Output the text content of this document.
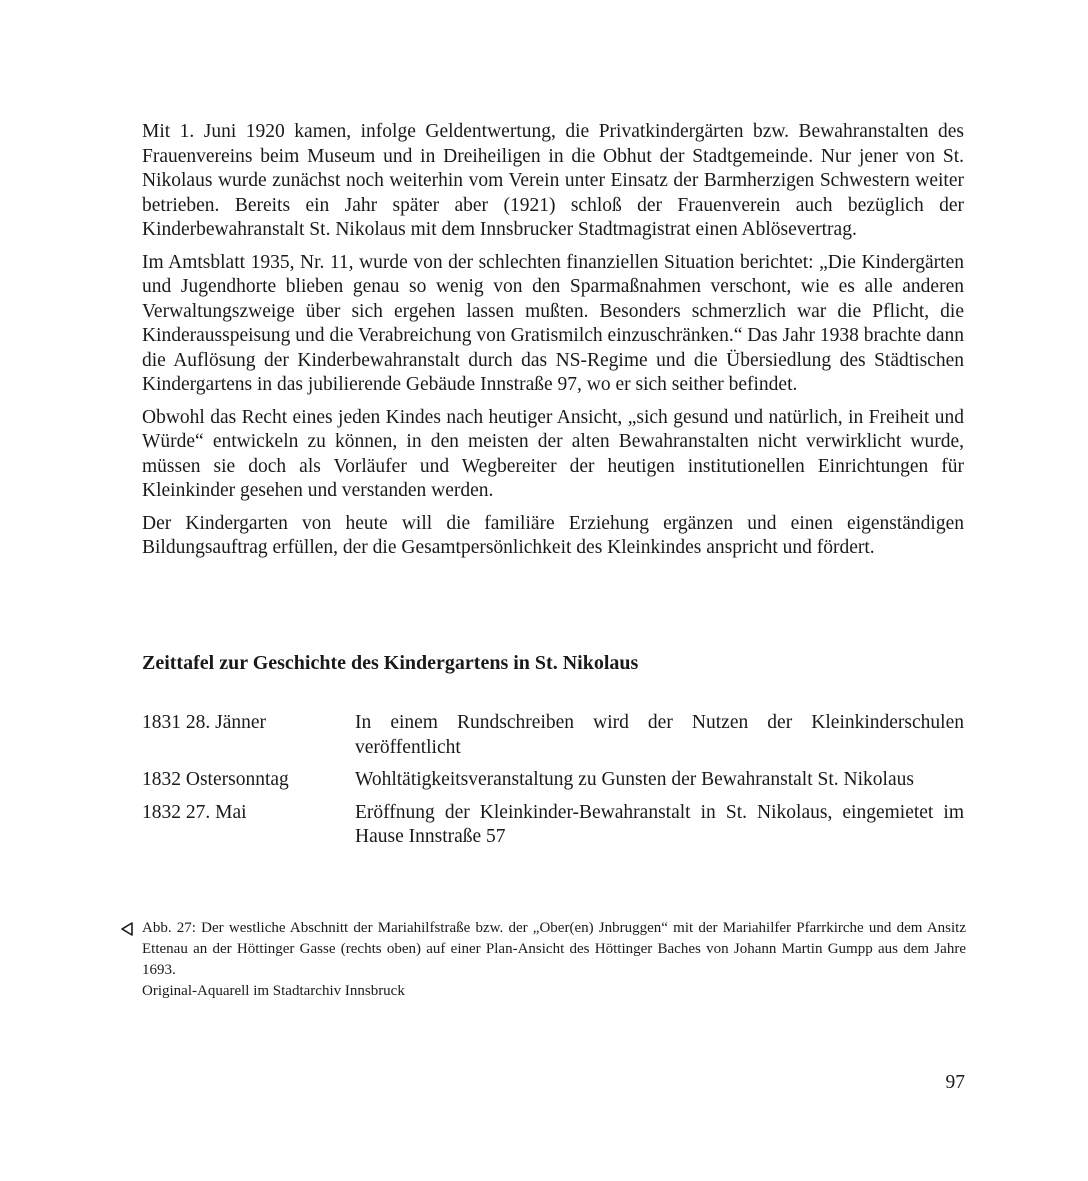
Mit 1. Juni 1920 kamen, infolge Geldentwertung, die Privatkindergärten bzw. Bewahranstalten des Frauenvereins beim Museum und in Dreiheiligen in die Obhut der Stadtgemeinde. Nur jener von St. Nikolaus wurde zunächst noch weiterhin vom Verein unter Einsatz der Barmherzigen Schwestern weiter betrieben. Bereits ein Jahr später aber (1921) schloß der Frauenverein auch bezüglich der Kinderbewahranstalt St. Nikolaus mit dem Innsbrucker Stadtmagistrat einen Ablösevertrag.

Im Amtsblatt 1935, Nr. 11, wurde von der schlechten finanziellen Situation berichtet: „Die Kindergärten und Jugendhorte blieben genau so wenig von den Sparmaßnahmen verschont, wie es alle anderen Verwaltungszweige über sich ergehen lassen mußten. Besonders schmerzlich war die Pflicht, die Kinderausspeisung und die Verabreichung von Gratismilch einzuschränken.“ Das Jahr 1938 brachte dann die Auflösung der Kinderbewahranstalt durch das NS-Regime und die Übersiedlung des Städtischen Kindergartens in das jubilierende Gebäude Innstraße 97, wo er sich seither befindet.

Obwohl das Recht eines jeden Kindes nach heutiger Ansicht, „sich gesund und natürlich, in Freiheit und Würde“ entwickeln zu können, in den meisten der alten Bewahranstalten nicht verwirklicht wurde, müssen sie doch als Vorläufer und Wegbereiter der heutigen institutionellen Einrichtungen für Kleinkinder gesehen und verstanden werden.

Der Kindergarten von heute will die familiäre Erziehung ergänzen und einen eigenständigen Bildungsauftrag erfüllen, der die Gesamtpersönlichkeit des Kleinkindes anspricht und fördert.

Zeittafel zur Geschichte des Kindergartens in St. Nikolaus
1831 28. Jänner	In einem Rundschreiben wird der Nutzen der Kleinkinderschulen veröffentlicht
1832 Ostersonntag	Wohltätigkeitsveranstaltung zu Gunsten der Bewahranstalt St. Nikolaus
1832 27. Mai	Eröffnung der Kleinkinder-Bewahranstalt in St. Nikolaus, eingemietet im Hause Innstraße 57
Abb. 27: Der westliche Abschnitt der Mariahilfstraße bzw. der „Ober(en) Jnbruggen“ mit der Mariahilfer Pfarrkirche und dem Ansitz Ettenau an der Höttinger Gasse (rechts oben) auf einer Plan-Ansicht des Höttinger Baches von Johann Martin Gumpp aus dem Jahre 1693.
Original-Aquarell im Stadtarchiv Innsbruck
97
